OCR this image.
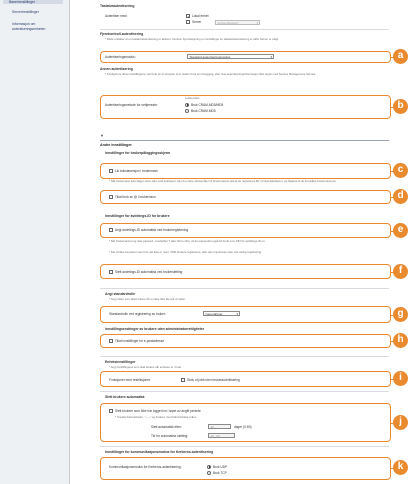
Banerinnstillinger
Serverinnstillinger
Informasjon om
autentiseringsenheten
Tastaturautentisering
Autentiser med:
✓	Lokal enhet
Server	Active Directory	▾
Fjernkontroll-autentisering
* Dette erstatter an et tastaturautentisering er aktivert. Dersom Fjernbetjening en innstillinger en tastaturautentisering er aktiv Server er valgt.
Autentiseringsmodus:	Standard autentiseringsmodus	▾
Annen autentisering
* Konfigurere disse innstillingene ved bruk av et program som støtter bruk av innlogging, eller hvis autentiseringsinformasjon ikke angis med Service Management Service.
Lokal enhet
Autentiseringsmetode for nettjeneste:	Bruk CRAM-MD5/MD5
Bruk CRAM-MD5
▼
Andre innstillinger
Innstillinger for brukerpåloggingsskjerm
Lik bokstaversjon i brukernavn
* Når brukernavn ikke følger store eller små bokstaver, kan du endre skrivemåten til brukernavnet slik at de registreres likt i brukerdatabasen, og tilpasse til de foreslåtte brukernavnene.
Tillat bruk av @ i brukernavn
Innstillinger for avdelings-ID for brukere
Angi avdelings-ID automatisk ved brukerregistrering
* Når brukernavnet og dets passord, inneholder 7 eller færre sifre, vil det passordet også bli brukt som PIN for avdelings-ID en.
* Det vil ikke benyttes noen hvis det ikke er noen 7000 brukere registreres, eller den importeres etter ved vanlig registrering.
Slett avdelings-ID automatisk ved brukersletting
Angi standardrolle
* Angi rollen som skal brukes når en ikke ikke ble tatt ut rollen.
Standardrolle ved registrering av bruker:	GeneralUser	▾
Innstillingsendringer av brukere uten administratorrettigheter
Tillat innstillinger for e-postadresse
Enhetsinnstillinger
* Angi innstillingene som skal brukes når enheten er i bruk.
Funksjoner med restriksjoner:	Skriv ut jobb uten brukerautentisering
Slett brukere automatisk
Slett brukere som ikke har logget inn i løpet av angitt periode
* Unntatt Administrator, "-----" og brukere med Administrator-rollen.
Slett automatisk etter:	30	dager (0-80)
Tid for automatisk sletting:	00 : 00
Innstillinger for kommunikasjonsmodus for Kerberos-autentisering
Kommunikasjonsmodus for Kerberos-autentisering:	Bruk UDP
Bruk TCP
a
b
c
d
e
f
g
h
i
j
k
